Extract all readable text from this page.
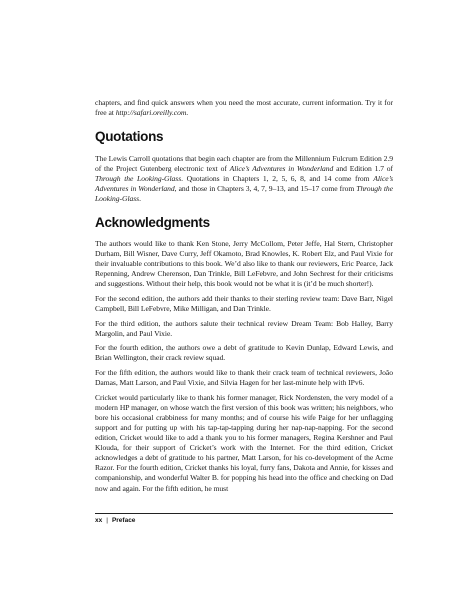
chapters, and find quick answers when you need the most accurate, current information. Try it for free at http://safari.oreilly.com.

Quotations

The Lewis Carroll quotations that begin each chapter are from the Millennium Fulcrum Edition 2.9 of the Project Gutenberg electronic text of Alice’s Adventures in Wonderland and Edition 1.7 of Through the Looking-Glass. Quotations in Chapters 1, 2, 5, 6, 8, and 14 come from Alice’s Adventures in Wonderland, and those in Chapters 3, 4, 7, 9–13, and 15–17 come from Through the Looking-Glass.

Acknowledgments

The authors would like to thank Ken Stone, Jerry McCollom, Peter Jeffe, Hal Stern, Christopher Durham, Bill Wisner, Dave Curry, Jeff Okamoto, Brad Knowles, K. Robert Elz, and Paul Vixie for their invaluable contributions to this book. We’d also like to thank our reviewers, Eric Pearce, Jack Repenning, Andrew Cherenson, Dan Trinkle, Bill LeFebvre, and John Sechrest for their criticisms and suggestions. Without their help, this book would not be what it is (it’d be much shorter!).

For the second edition, the authors add their thanks to their sterling review team: Dave Barr, Nigel Campbell, Bill LeFebvre, Mike Milligan, and Dan Trinkle.

For the third edition, the authors salute their technical review Dream Team: Bob Halley, Barry Margolin, and Paul Vixie.

For the fourth edition, the authors owe a debt of gratitude to Kevin Dunlap, Edward Lewis, and Brian Wellington, their crack review squad.

For the fifth edition, the authors would like to thank their crack team of technical reviewers, João Damas, Matt Larson, and Paul Vixie, and Silvia Hagen for her last-minute help with IPv6.

Cricket would particularly like to thank his former manager, Rick Nordensten, the very model of a modern HP manager, on whose watch the first version of this book was written; his neighbors, who bore his occasional crabbiness for many months; and of course his wife Paige for her unflagging support and for putting up with his tap-tap-tapping during her nap-nap-napping. For the second edition, Cricket would like to add a thank you to his former managers, Regina Kershner and Paul Klouda, for their support of Cricket’s work with the Internet. For the third edition, Cricket acknowledges a debt of gratitude to his partner, Matt Larson, for his co-development of the Acme Razor. For the fourth edition, Cricket thanks his loyal, furry fans, Dakota and Annie, for kisses and companionship, and wonderful Walter B. for popping his head into the office and checking on Dad now and again. For the fifth edition, he must

xx | Preface
